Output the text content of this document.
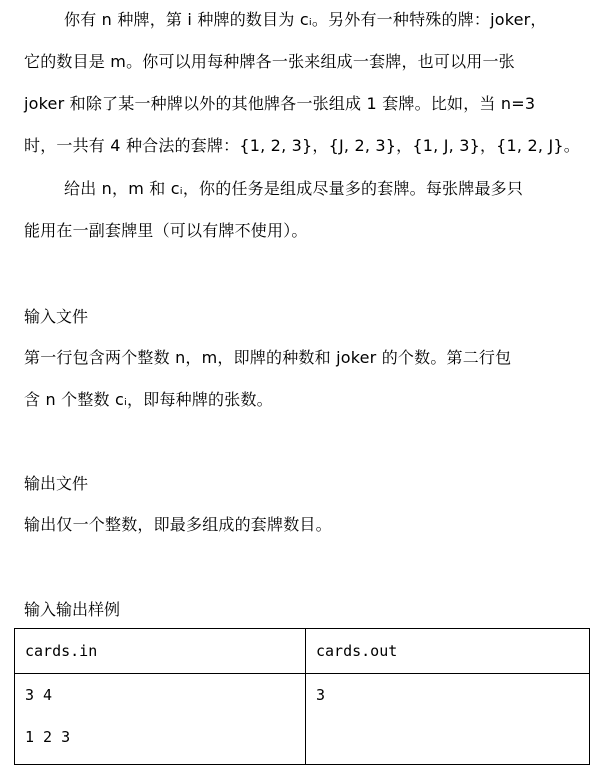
你有 n 种牌，第 i 种牌的数目为 cᵢ。另外有一种特殊的牌：joker，
它的数目是 m。你可以用每种牌各一张来组成一套牌，也可以用一张
joker 和除了某一种牌以外的其他牌各一张组成 1 套牌。比如，当 n=3
时，一共有 4 种合法的套牌：{1, 2, 3}，{J, 2, 3}，{1, J, 3}，{1, 2, J}。
给出 n，m 和 cᵢ，你的任务是组成尽量多的套牌。每张牌最多只
能用在一副套牌里（可以有牌不使用）。
输入文件
第一行包含两个整数 n，m，即牌的种数和 joker 的个数。第二行包
含 n 个整数 cᵢ，即每种牌的张数。
输出文件
输出仅一个整数，即最多组成的套牌数目。
输入输出样例
cards.in	cards.out

3 4
1 2 3	3
